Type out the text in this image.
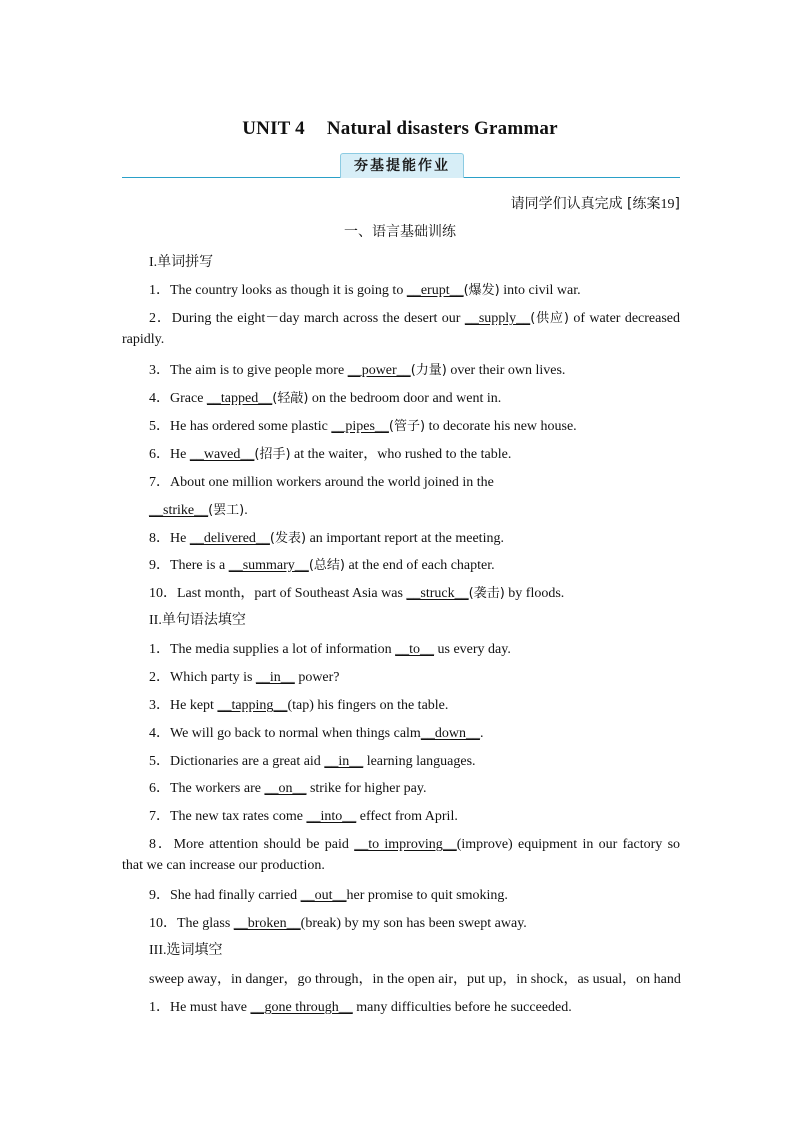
UNIT 4 Natural disasters Grammar
夯基提能作业
请同学们认真完成 [练案19]
一、语言基础训练
I.单词拼写
1．The country looks as though it is going to __erupt__(爆发) into civil war.
2．During the eight－day march across the desert our __supply__(供应) of water decreased
rapidly.
3．The aim is to give people more __power__(力量) over their own lives.
4．Grace __tapped__(轻敲) on the bedroom door and went in.
5．He has ordered some plastic __pipes__(管子) to decorate his new house.
6．He __waved__(招手) at the waiter，who rushed to the table.
7．About one million workers around the world joined in the
__strike__(罢工).
8．He __delivered__(发表) an important report at the meeting.
9．There is a __summary__(总结) at the end of each chapter.
10．Last month，part of Southeast Asia was __struck__(袭击) by floods.
II.单句语法填空
1．The media supplies a lot of information __to__ us every day.
2．Which party is __in__ power?
3．He kept __tapping__(tap) his fingers on the table.
4．We will go back to normal when things calm__down__.
5．Dictionaries are a great aid __in__ learning languages.
6．The workers are __on__ strike for higher pay.
7．The new tax rates come __into__ effect from April.
8．More attention should be paid __to improving__(improve) equipment in our factory so
that we can increase our production.
9．She had finally carried __out__her promise to quit smoking.
10．The glass __broken__(break) by my son has been swept away.
III.选词填空
sweep away，in danger，go through，in the open air，put up，in shock，as usual，on hand
1．He must have __gone through__ many difficulties before he succeeded.
